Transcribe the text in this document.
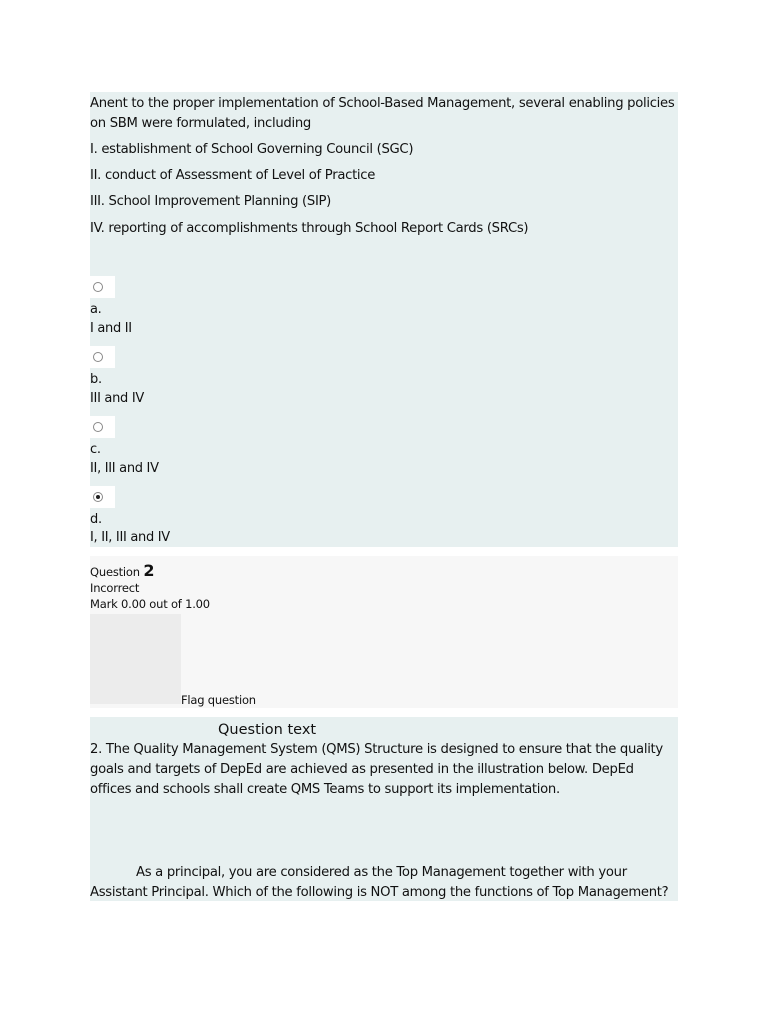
Anent to the proper implementation of School-Based Management, several enabling policies on SBM were formulated, including
I. establishment of School Governing Council (SGC)
II. conduct of Assessment of Level of Practice
III. School Improvement Planning (SIP)
IV. reporting of accomplishments through School Report Cards (SRCs)
a.
I and II
b.
III and IV
c.
II, III and IV
d.
I, II, III and IV
Question 2
Incorrect
Mark 0.00 out of 1.00
Flag question
Question text
2. The Quality Management System (QMS) Structure is designed to ensure that the quality goals and targets of DepEd are achieved as presented in the illustration below. DepEd offices and schools shall create QMS Teams to support its implementation.
As a principal, you are considered as the Top Management together with your Assistant Principal. Which of the following is NOT among the functions of Top Management?
